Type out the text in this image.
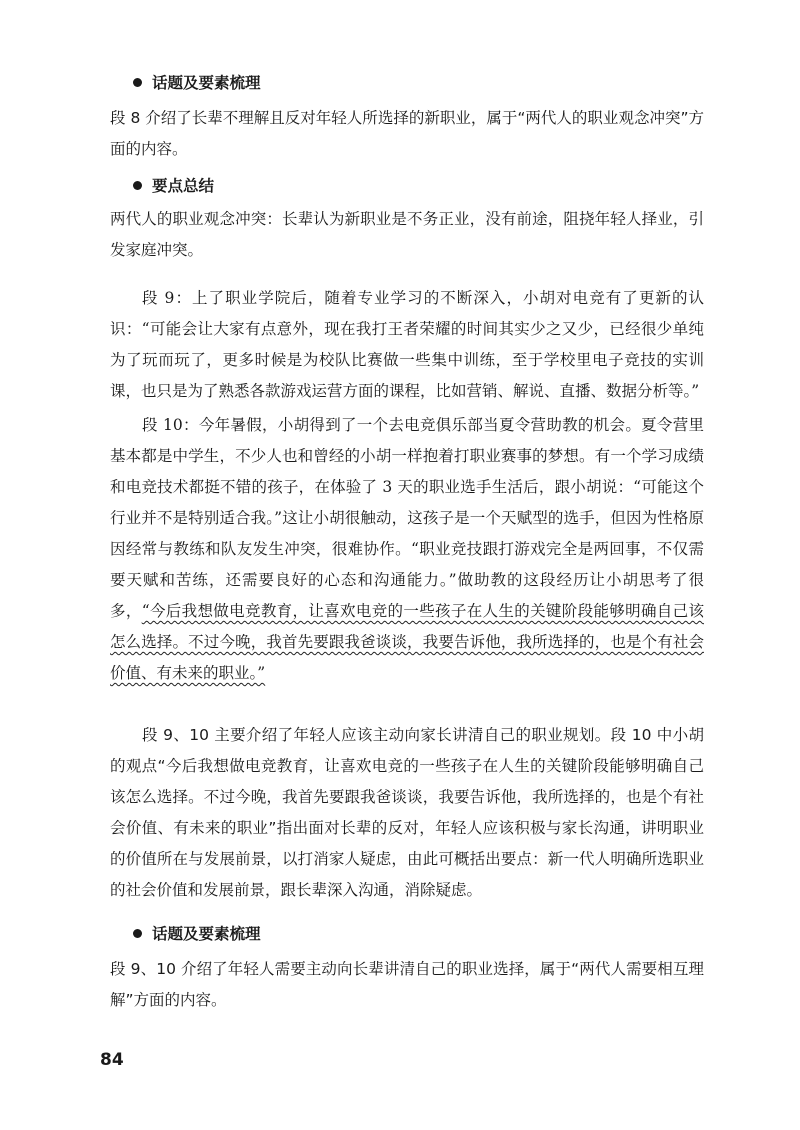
话题及要素梳理

段 8 介绍了长辈不理解且反对年轻人所选择的新职业，属于“两代人的职业观念冲突”方面的内容。

要点总结

两代人的职业观念冲突：长辈认为新职业是不务正业，没有前途，阻挠年轻人择业，引发家庭冲突。

段 9：上了职业学院后，随着专业学习的不断深入，小胡对电竞有了更新的认识：“可能会让大家有点意外，现在我打王者荣耀的时间其实少之又少，已经很少单纯为了玩而玩了，更多时候是为校队比赛做一些集中训练，至于学校里电子竞技的实训课，也只是为了熟悉各款游戏运营方面的课程，比如营销、解说、直播、数据分析等。”

段 10：今年暑假，小胡得到了一个去电竞俱乐部当夏令营助教的机会。夏令营里基本都是中学生，不少人也和曾经的小胡一样抱着打职业赛事的梦想。有一个学习成绩和电竞技术都挺不错的孩子，在体验了 3 天的职业选手生活后，跟小胡说：“可能这个行业并不是特别适合我。”这让小胡很触动，这孩子是一个天赋型的选手，但因为性格原因经常与教练和队友发生冲突，很难协作。“职业竞技跟打游戏完全是两回事，不仅需要天赋和苦练，还需要良好的心态和沟通能力。”做助教的这段经历让小胡思考了很多，“今后我想做电竞教育，让喜欢电竞的一些孩子在人生的关键阶段能够明确自己该怎么选择。不过今晚，我首先要跟我爸谈谈，我要告诉他，我所选择的，也是个有社会价值、有未来的职业。”

段 9、10 主要介绍了年轻人应该主动向家长讲清自己的职业规划。段 10 中小胡的观点“今后我想做电竞教育，让喜欢电竞的一些孩子在人生的关键阶段能够明确自己该怎么选择。不过今晚，我首先要跟我爸谈谈，我要告诉他，我所选择的，也是个有社会价值、有未来的职业”指出面对长辈的反对，年轻人应该积极与家长沟通，讲明职业的价值所在与发展前景，以打消家人疑虑，由此可概括出要点：新一代人明确所选职业的社会价值和发展前景，跟长辈深入沟通，消除疑虑。

话题及要素梳理

段 9、10 介绍了年轻人需要主动向长辈讲清自己的职业选择，属于“两代人需要相互理解”方面的内容。

84
